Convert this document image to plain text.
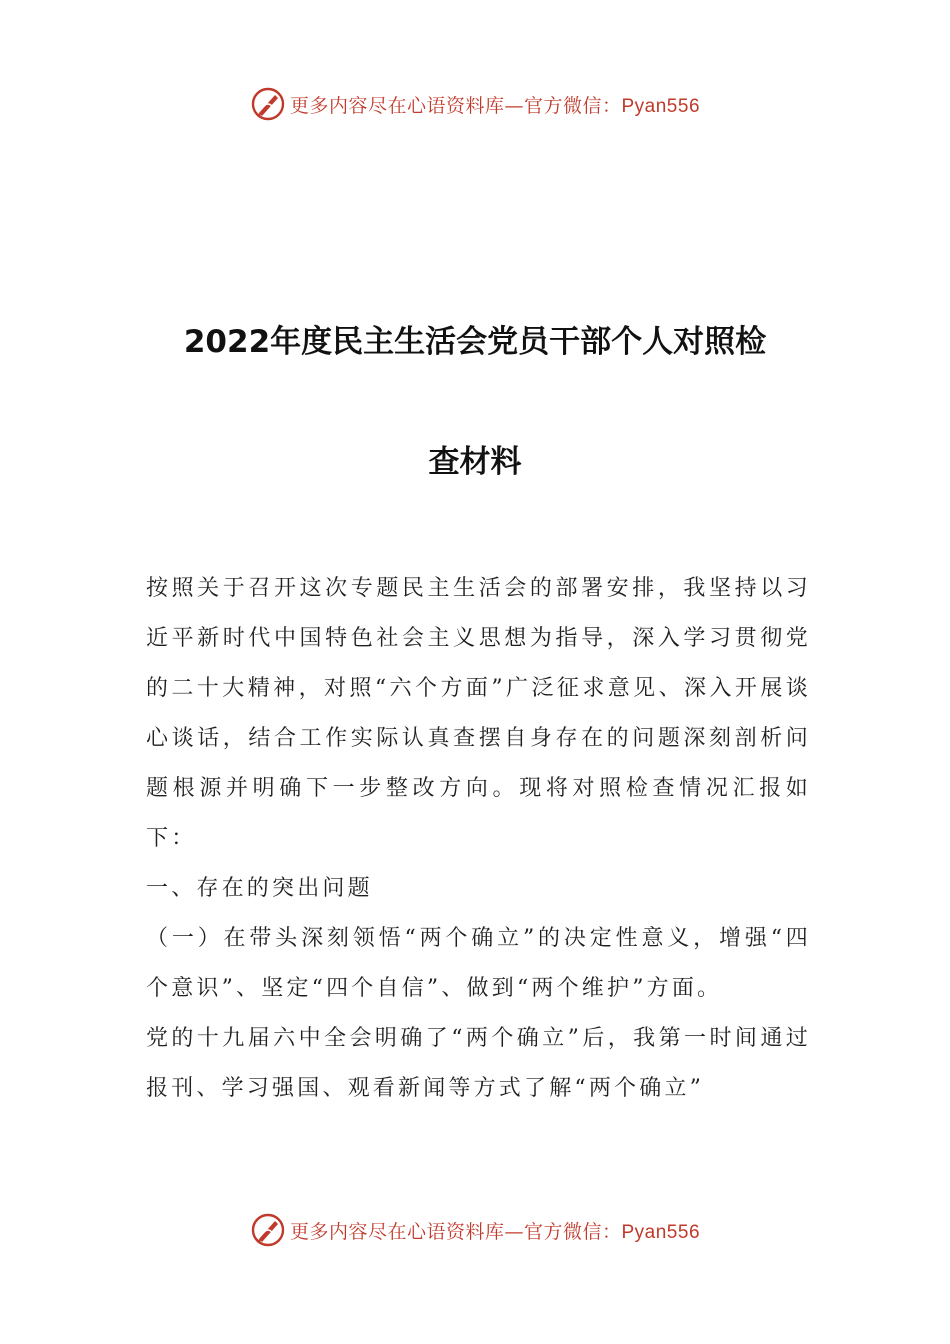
更多内容尽在心语资料库—官方微信：Pyan556
2022年度民主生活会党员干部个人对照检
查材料

按照关于召开这次专题民主生活会的部署安排，我坚持以习近平新时代中国特色社会主义思想为指导，深入学习贯彻党的二十大精神，对照“六个方面”广泛征求意见、深入开展谈心谈话，结合工作实际认真查摆自身存在的问题深刻剖析问题根源并明确下一步整改方向。现将对照检查情况汇报如下：

一、存在的突出问题

（一）在带头深刻领悟“两个确立”的决定性意义，增强“四个意识”、坚定“四个自信”、做到“两个维护”方面。

党的十九届六中全会明确了“两个确立”后，我第一时间通过报刊、学习强国、观看新闻等方式了解“两个确立”

更多内容尽在心语资料库—官方微信：Pyan556
